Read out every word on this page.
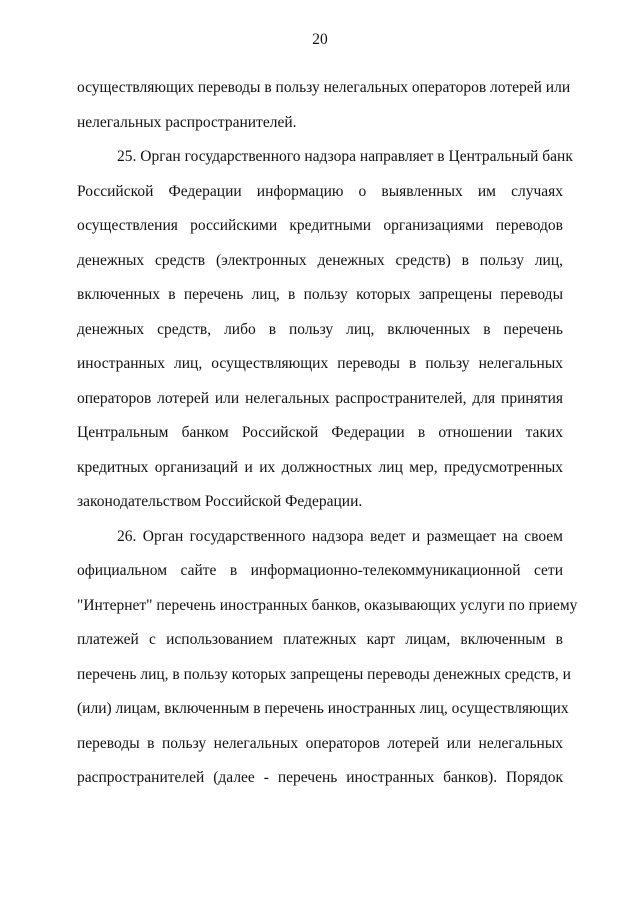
20
осуществляющих переводы в пользу нелегальных операторов лотерей или
нелегальных распространителей.
25. Орган государственного надзора направляет в Центральный банк
Российской Федерации информацию о выявленных им случаях
осуществления российскими кредитными организациями переводов
денежных средств (электронных денежных средств) в пользу лиц,
включенных в перечень лиц, в пользу которых запрещены переводы
денежных средств, либо в пользу лиц, включенных в перечень
иностранных лиц, осуществляющих переводы в пользу нелегальных
операторов лотерей или нелегальных распространителей, для принятия
Центральным банком Российской Федерации в отношении таких
кредитных организаций и их должностных лиц мер, предусмотренных
законодательством Российской Федерации.
26. Орган государственного надзора ведет и размещает на своем
официальном сайте в информационно-телекоммуникационной сети
"Интернет" перечень иностранных банков, оказывающих услуги по приему
платежей с использованием платежных карт лицам, включенным в
перечень лиц, в пользу которых запрещены переводы денежных средств, и
(или) лицам, включенным в перечень иностранных лиц, осуществляющих
переводы в пользу нелегальных операторов лотерей или нелегальных
распространителей (далее - перечень иностранных банков). Порядок
